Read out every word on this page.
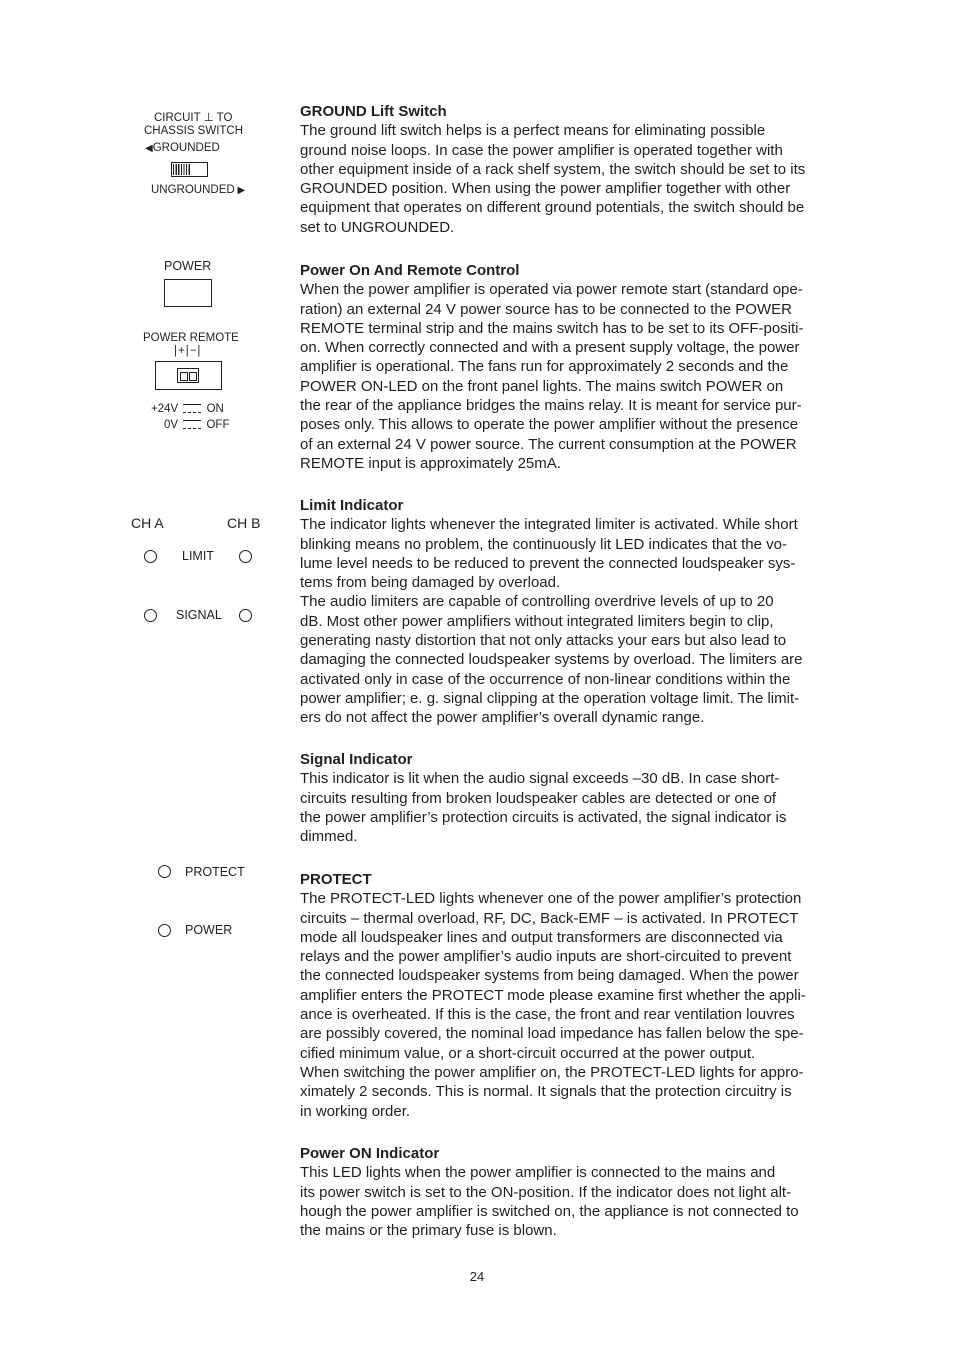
CIRCUIT ⊥ TO
CHASSIS SWITCH
◀GROUNDED
UNGROUNDED ▶
POWER
POWER REMOTE
|+|−|
+24V ON
0V OFF
CH A	CH B
LIMIT
SIGNAL
PROTECT
POWER
GROUND Lift Switch

The ground lift switch helps is a perfect means for eliminating possible

ground noise loops. In case the power amplifier is operated together with

other equipment inside of a rack shelf system, the switch should be set to its

GROUNDED position. When using the power amplifier together with other

equipment that operates on different ground potentials, the switch should be

set to UNGROUNDED.

Power On And Remote Control

When the power amplifier is operated via power remote start (standard ope-

ration) an external 24 V power source has to be connected to the POWER

REMOTE terminal strip and the mains switch has to be set to its OFF-positi-

on. When correctly connected and with a present supply voltage, the power

amplifier is operational. The fans run for approximately 2 seconds and the

POWER ON-LED on the front panel lights. The mains switch POWER on

the rear of the appliance bridges the mains relay. It is meant for service pur-

poses only. This allows to operate the power amplifier without the presence

of an external 24 V power source. The current consumption at the POWER

REMOTE input is approximately 25mA.

Limit Indicator

The indicator lights whenever the integrated limiter is activated. While short

blinking means no problem, the continuously lit LED indicates that the vo-

lume level needs to be reduced to prevent the connected loudspeaker sys-

tems from being damaged by overload.

The audio limiters are capable of controlling overdrive levels of up to 20

dB. Most other power amplifiers without integrated limiters begin to clip,

generating nasty distortion that not only attacks your ears but also lead to

damaging the connected loudspeaker systems by overload. The limiters are

activated only in case of the occurrence of non-linear conditions within the

power amplifier; e. g. signal clipping at the operation voltage limit. The limit-

ers do not affect the power amplifier’s overall dynamic range.

Signal Indicator

This indicator is lit when the audio signal exceeds –30 dB. In case short-

circuits resulting from broken loudspeaker cables are detected or one of

the power amplifier’s protection circuits is activated, the signal indicator is

dimmed.

PROTECT

The PROTECT-LED lights whenever one of the power amplifier’s protection

circuits – thermal overload, RF, DC, Back-EMF – is activated. In PROTECT

mode all loudspeaker lines and output transformers are disconnected via

relays and the power amplifier’s audio inputs are short-circuited to prevent

the connected loudspeaker systems from being damaged. When the power

amplifier enters the PROTECT mode please examine first whether the appli-

ance is overheated. If this is the case, the front and rear ventilation louvres

are possibly covered, the nominal load impedance has fallen below the spe-

cified minimum value, or a short-circuit occurred at the power output.

When switching the power amplifier on, the PROTECT-LED lights for appro-

ximately 2 seconds. This is normal. It signals that the protection circuitry is

in working order.

Power ON Indicator

This LED lights when the power amplifier is connected to the mains and

its power switch is set to the ON-position. If the indicator does not light alt-

hough the power amplifier is switched on, the appliance is not connected to

the mains or the primary fuse is blown.

24
